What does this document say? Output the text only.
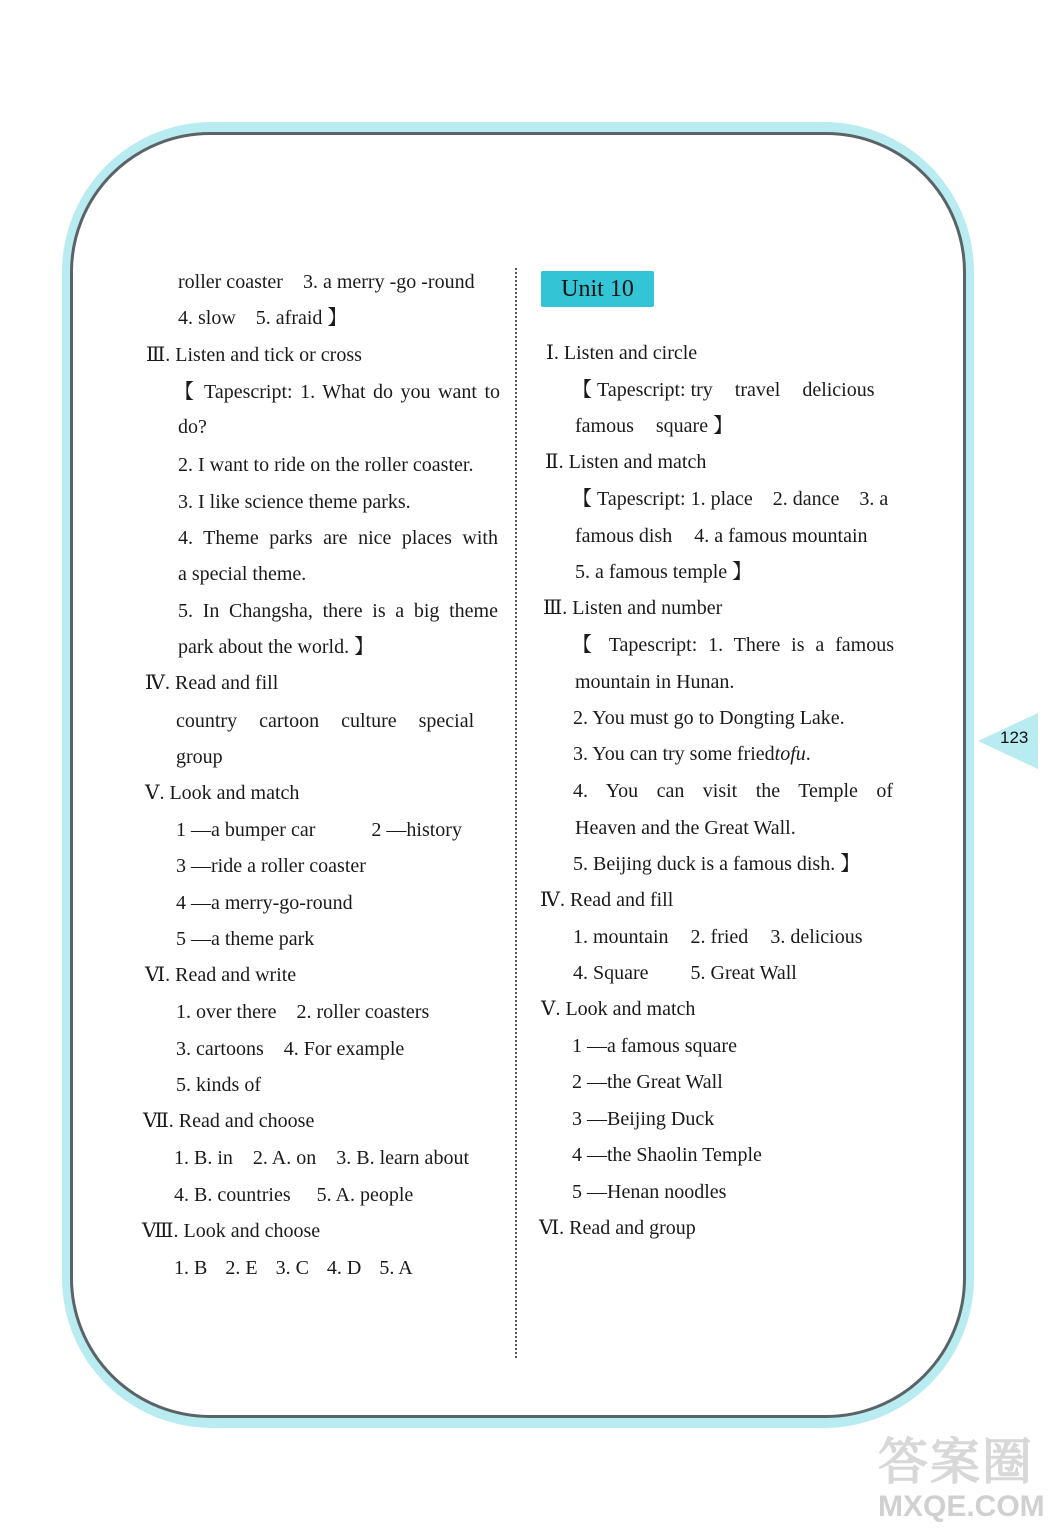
roller coaster 3. a merry -go -round
4. slow 5. afraid 】
Ⅲ. Listen and tick or cross
【 Tapescript: 1. What do you want to
do?
2. I want to ride on the roller coaster.
3. I like science theme parks.
4. Theme parks are nice places with
a special theme.
5. In Changsha, there is a big theme
park about the world. 】
Ⅳ. Read and fill
country cartoon culture special
group
Ⅴ. Look and match
1 —a bumper car	2 —history
3 —ride a roller coaster
4 —a merry-go-round
5 —a theme park
Ⅵ. Read and write
1. over there 2. roller coasters
3. cartoons 4. For example
5. kinds of
Ⅶ. Read and choose
1. B. in 2. A. on 3. B. learn about
4. B. countries 5. A. people
Ⅷ. Look and choose
1. B 2. E 3. C 4. D 5. A
Ⅰ. Listen and circle
【 Tapescript: try travel delicious
famous square 】
Ⅱ. Listen and match
【 Tapescript: 1. place 2. dance 3. a
famous dish 4. a famous mountain
5. a famous temple 】
Ⅲ. Listen and number
【 Tapescript: 1. There is a famous
mountain in Hunan.
2. You must go to Dongting Lake.
3. You can try some friedtofu.
4. You can visit the Temple of
Heaven and the Great Wall.
5. Beijing duck is a famous dish. 】
Ⅳ. Read and fill
1. mountain 2. fried 3. delicious
4. Square 5. Great Wall
Ⅴ. Look and match
1 —a famous square
2 —the Great Wall
3 —Beijing Duck
4 —the Shaolin Temple
5 —Henan noodles
Ⅵ. Read and group
Unit 10
123
答案圈
MXQE.COM
